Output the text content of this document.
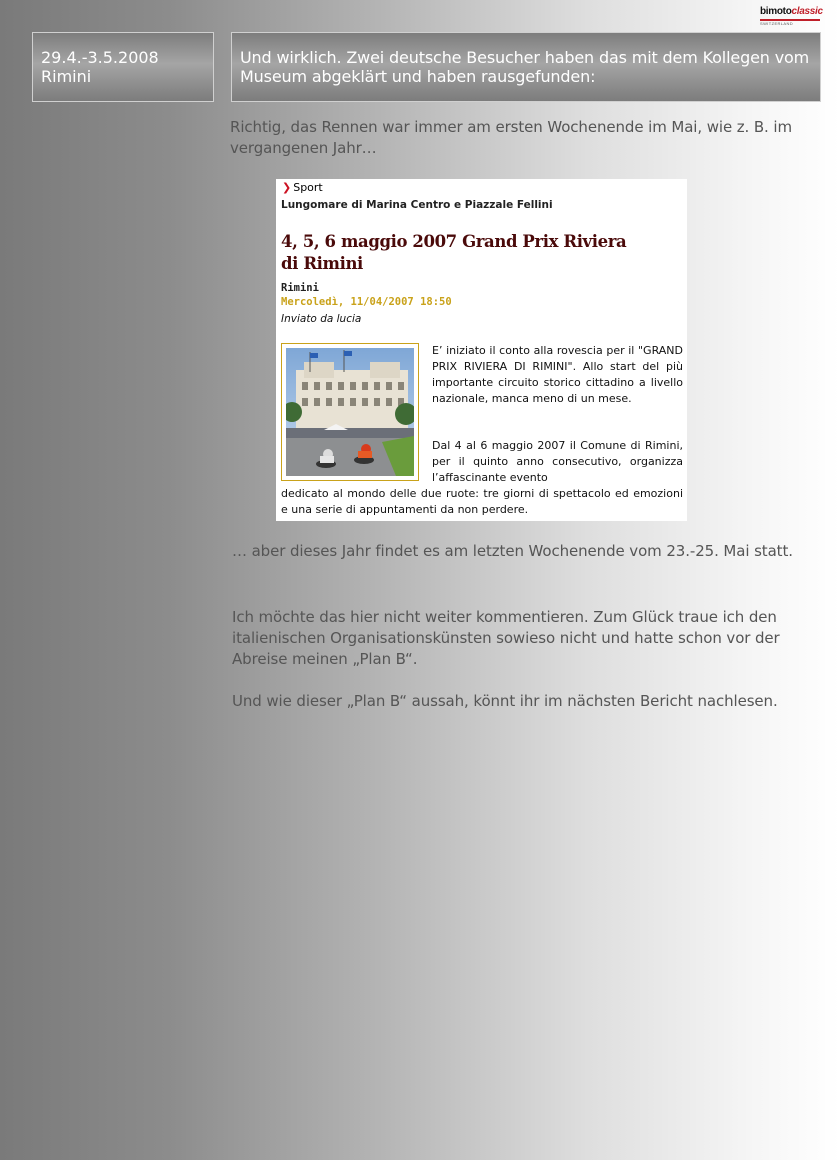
bimotoclassic
SWITZERLAND
29.4.-3.5.2008
Rimini
Und wirklich. Zwei deutsche Besucher haben das mit dem Kollegen vom Museum abgeklärt und haben rausgefunden:
Richtig, das Rennen war immer am ersten Wochenende im Mai, wie z. B. im vergangenen Jahr…
❯ Sport
Lungomare di Marina Centro e Piazzale Fellini
4, 5, 6 maggio 2007 Grand Prix Riviera di Rimini
Rimini
Mercoledì, 11/04/2007 18:50
Inviato da lucia
E’ iniziato il conto alla rovescia per il "GRAND PRIX RIVIERA DI RIMINI". Allo start del più importante circuito storico cittadino a livello nazionale, manca meno di un mese.
Dal 4 al 6 maggio 2007 il Comune di Rimini, per il quinto anno consecutivo, organizza l’affascinante evento
dedicato al mondo delle due ruote: tre giorni di spettacolo ed emozioni e una serie di appuntamenti da non perdere.
… aber dieses Jahr findet es am letzten Wochenende vom 23.-25. Mai statt.
Ich möchte das hier nicht weiter kommentieren. Zum Glück traue ich den italienischen Organisationskünsten sowieso nicht und hatte schon vor der Abreise meinen „Plan B“.
Und wie dieser „Plan B“ aussah, könnt ihr im nächsten Bericht nachlesen.
